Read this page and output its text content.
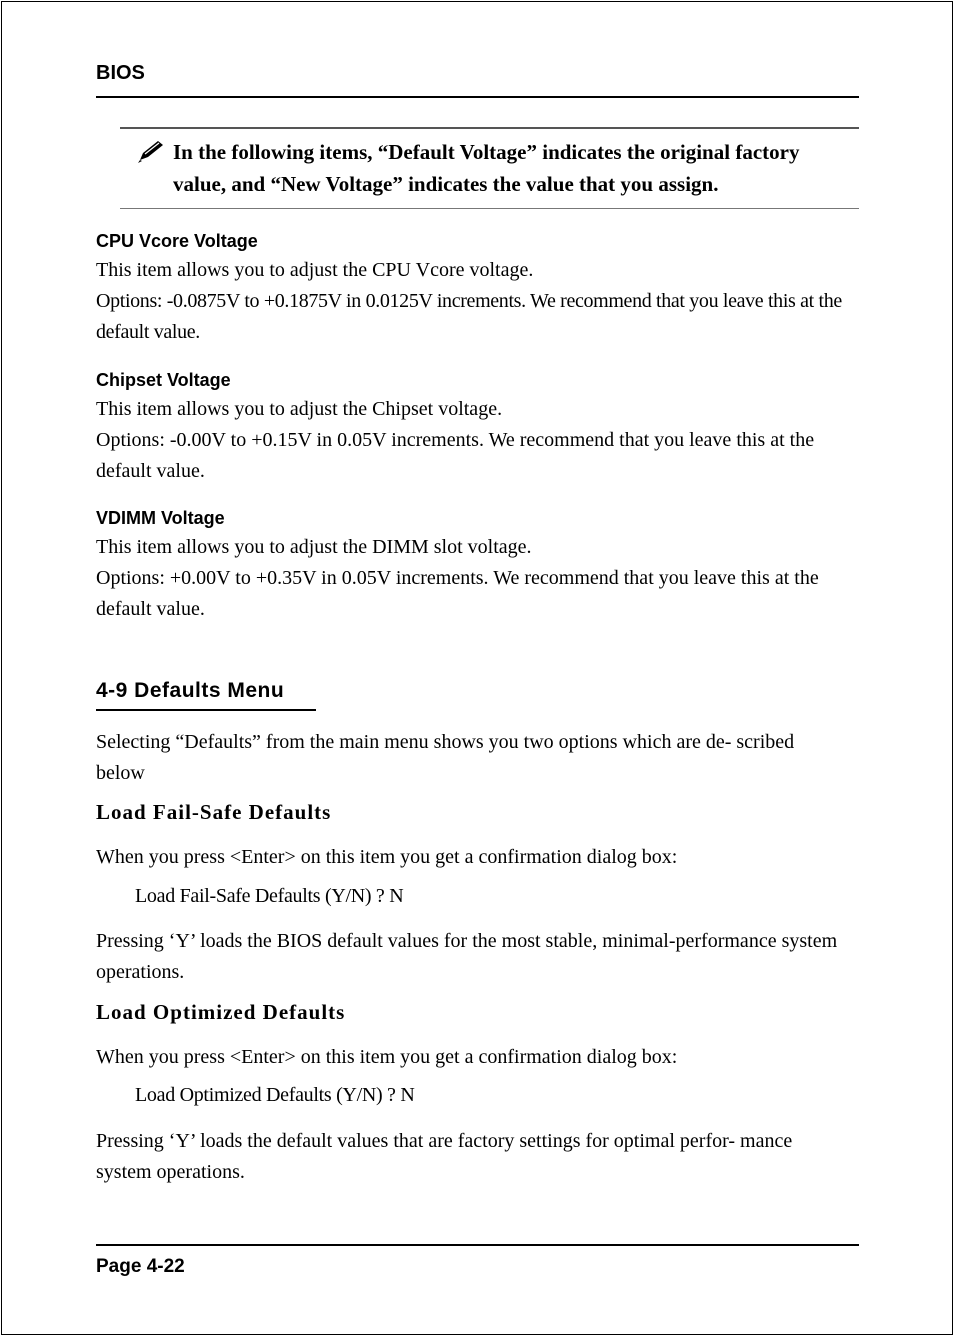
BIOS
In the following items, “Default Voltage” indicates the original factory value, and “New Voltage” indicates the value that you assign.
CPU Vcore Voltage
This item allows you to adjust the CPU Vcore voltage.
Options: -0.0875V to +0.1875V in 0.0125V increments. We recommend that you leave this at the default value.
Chipset Voltage
This item allows you to adjust the Chipset voltage.
Options: -0.00V to +0.15V in 0.05V increments. We recommend that you leave this at the default value.
VDIMM Voltage
This item allows you to adjust the DIMM slot voltage.
Options: +0.00V to +0.35V in 0.05V increments. We recommend that you leave this at the default value.
4-9 Defaults Menu
Selecting “Defaults” from the main menu shows you two options which are de- scribed below
Load Fail-Safe Defaults
When you press <Enter> on this item you get a confirmation dialog box:
Load Fail-Safe Defaults (Y/N) ? N
Pressing ‘Y’ loads the BIOS default values for the most stable, minimal-performance system operations.
Load Optimized Defaults
When you press <Enter> on this item you get a confirmation dialog box:
Load Optimized Defaults (Y/N) ? N
Pressing ‘Y’ loads the default values that are factory settings for optimal perfor- mance system operations.
Page 4-22
